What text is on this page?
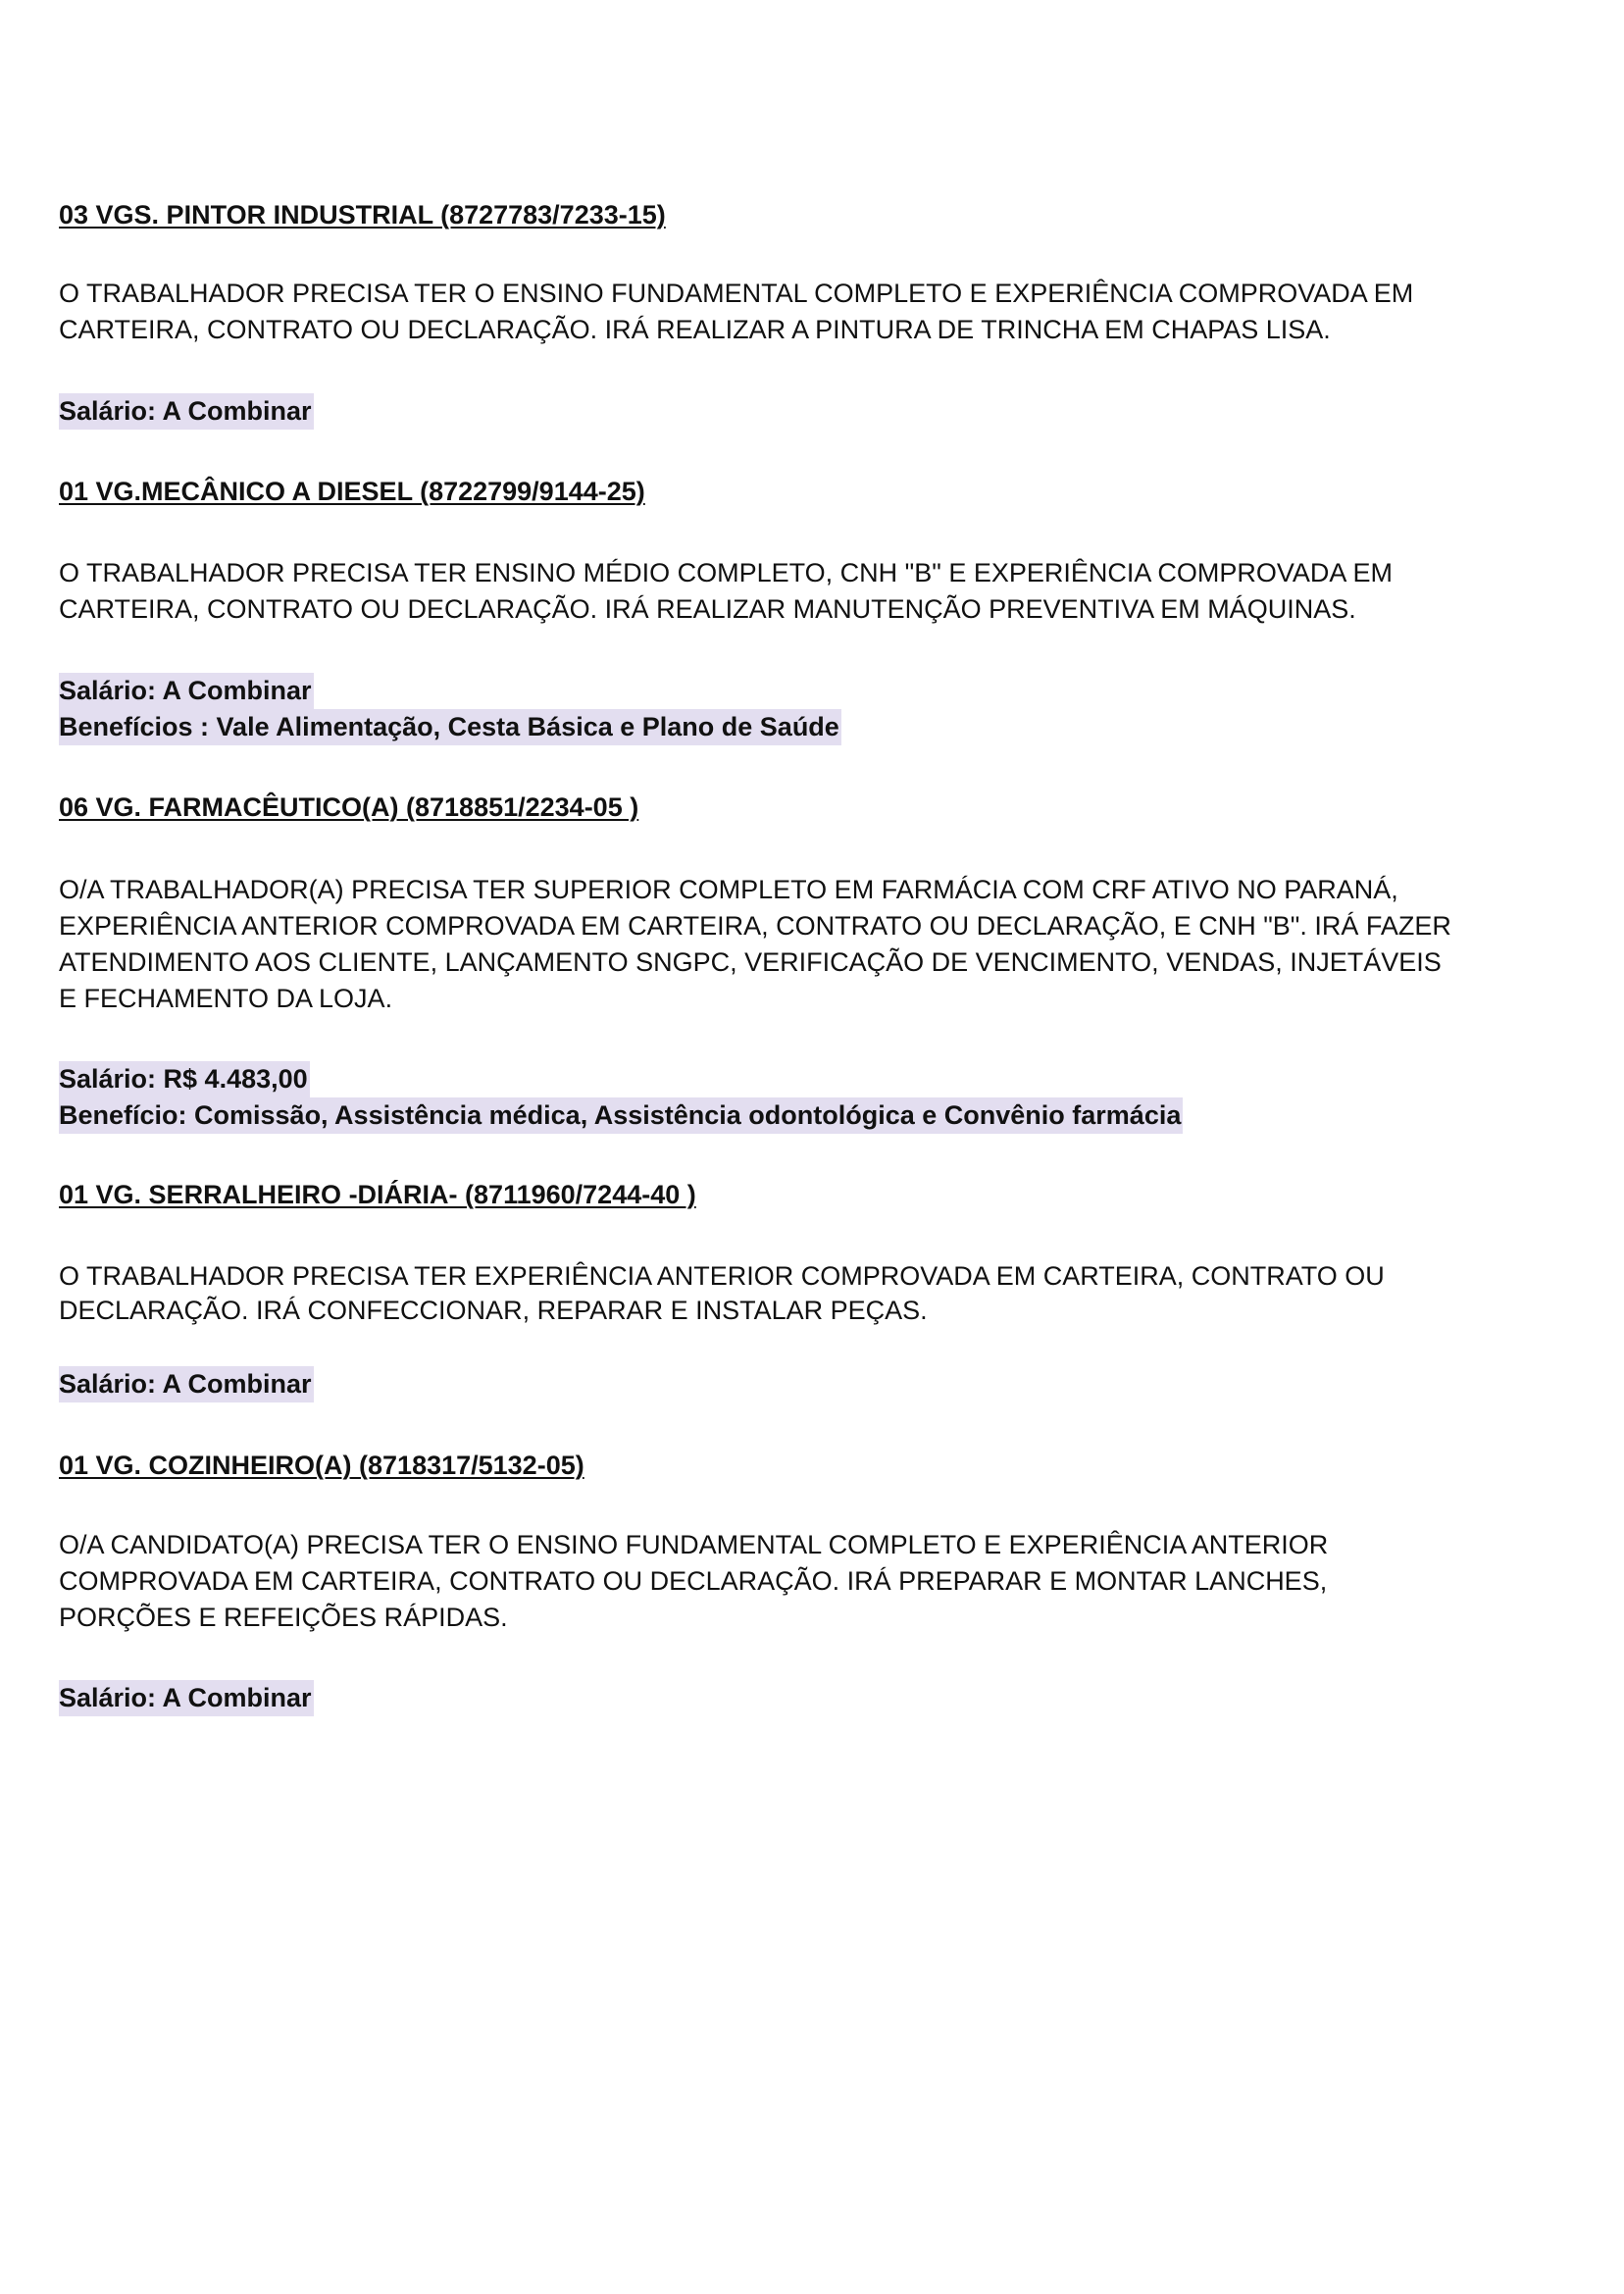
03 VGS. PINTOR INDUSTRIAL (8727783/7233-15)
O TRABALHADOR PRECISA TER O ENSINO FUNDAMENTAL COMPLETO E EXPERIÊNCIA COMPROVADA EM
CARTEIRA, CONTRATO OU DECLARAÇÃO. IRÁ REALIZAR A PINTURA DE TRINCHA EM CHAPAS LISA.
Salário: A Combinar
01 VG.MECÂNICO A DIESEL (8722799/9144-25)
O TRABALHADOR PRECISA TER ENSINO MÉDIO COMPLETO, CNH "B" E EXPERIÊNCIA COMPROVADA EM
CARTEIRA, CONTRATO OU DECLARAÇÃO. IRÁ REALIZAR MANUTENÇÃO PREVENTIVA EM MÁQUINAS.
Salário: A Combinar
Benefícios : Vale Alimentação, Cesta Básica e Plano de Saúde
06 VG. FARMACÊUTICO(A) (8718851/2234-05 )
O/A TRABALHADOR(A) PRECISA TER SUPERIOR COMPLETO EM FARMÁCIA COM CRF ATIVO NO PARANÁ,
EXPERIÊNCIA ANTERIOR COMPROVADA EM CARTEIRA, CONTRATO OU DECLARAÇÃO, E CNH "B". IRÁ FAZER
ATENDIMENTO AOS CLIENTE, LANÇAMENTO SNGPC, VERIFICAÇÃO DE VENCIMENTO, VENDAS, INJETÁVEIS
E FECHAMENTO DA LOJA.
Salário: R$ 4.483,00
Benefício: Comissão, Assistência médica, Assistência odontológica e Convênio farmácia
01 VG. SERRALHEIRO -DIÁRIA- (8711960/7244-40 )
O TRABALHADOR PRECISA TER EXPERIÊNCIA ANTERIOR COMPROVADA EM CARTEIRA, CONTRATO OU
DECLARAÇÃO. IRÁ CONFECCIONAR, REPARAR E INSTALAR PEÇAS.
Salário: A Combinar
01 VG. COZINHEIRO(A) (8718317/5132-05)
O/A CANDIDATO(A) PRECISA TER O ENSINO FUNDAMENTAL COMPLETO E EXPERIÊNCIA ANTERIOR
COMPROVADA EM CARTEIRA, CONTRATO OU DECLARAÇÃO. IRÁ PREPARAR E MONTAR LANCHES,
PORÇÕES E REFEIÇÕES RÁPIDAS.
Salário: A Combinar
